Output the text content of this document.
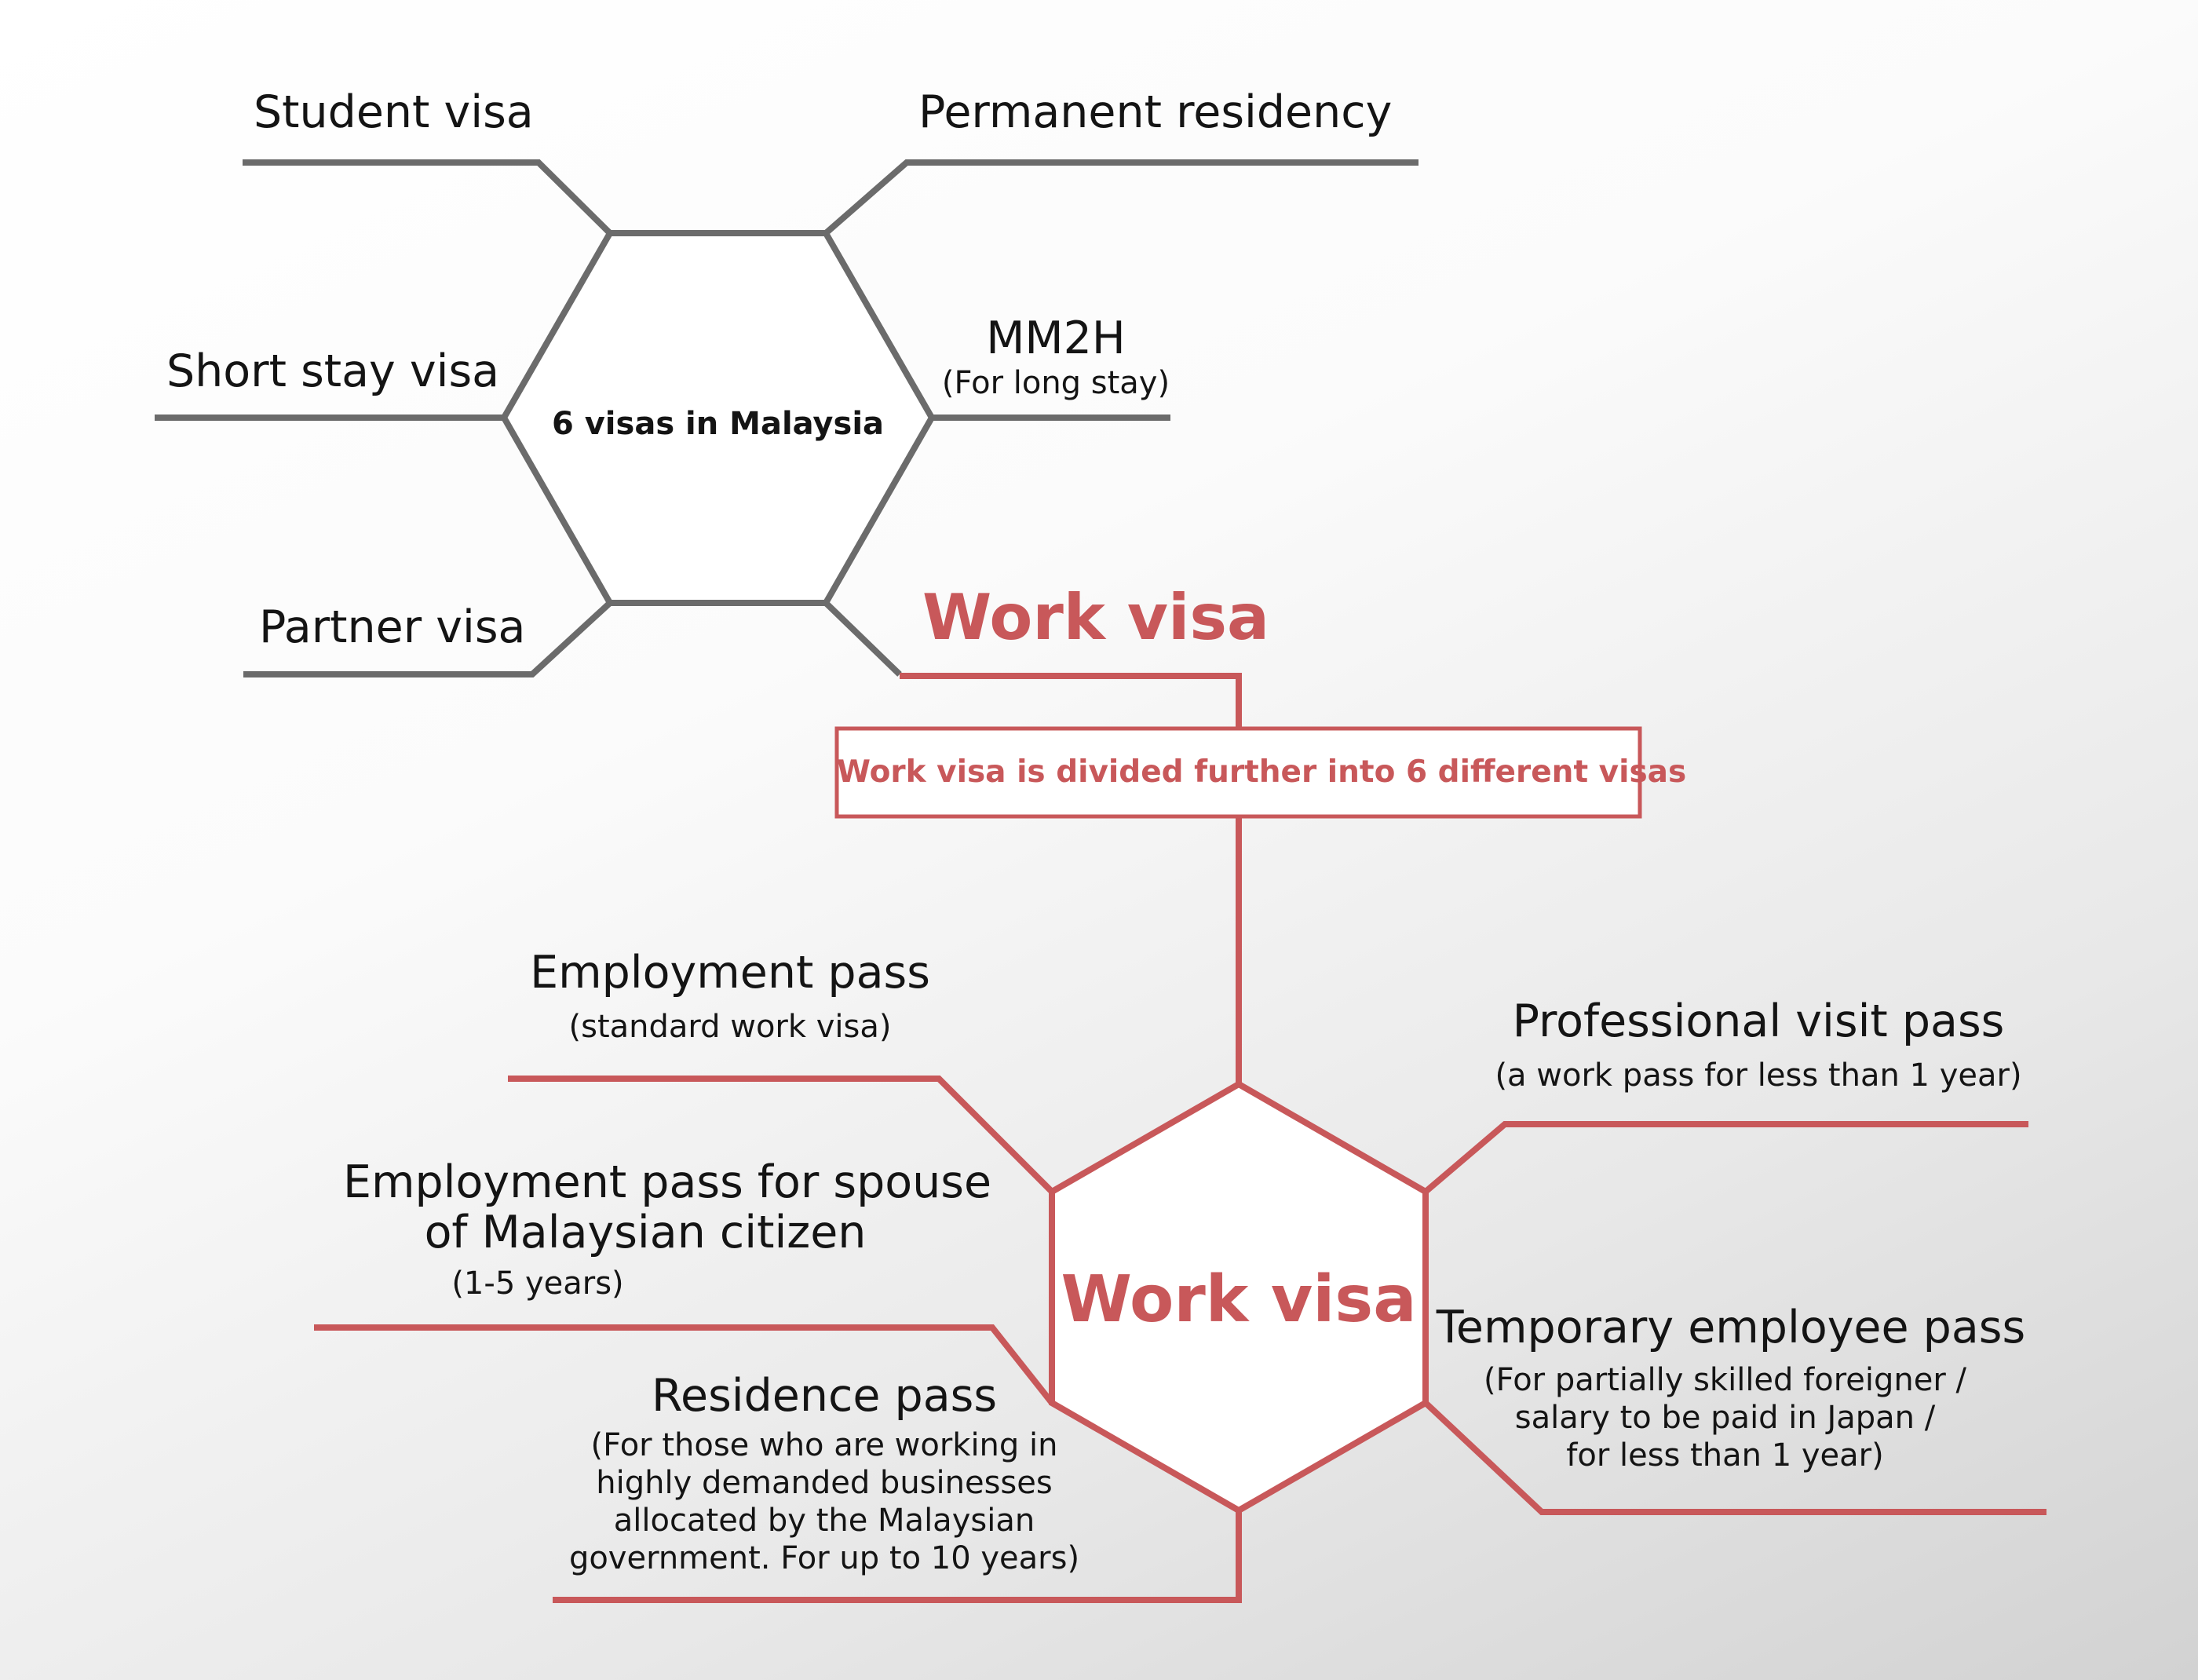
6 visas in Malaysia
Student visa	Permanent residency
Short stay visa
MM2H
(For long stay)
Partner visa	Work visa
Work visa is divided further into 6 different visas
Work visa
Employment pass
(standard work visa)
Employment pass for spouse
of Malaysian citizen
(1-5 years)
Residence pass
(For those who are working in
highly demanded businesses
allocated by the Malaysian
government. For up to 10 years)
Professional visit pass
(a work pass for less than 1 year)
Temporary employee pass
(For partially skilled foreigner /
salary to be paid in Japan /
for less than 1 year)
